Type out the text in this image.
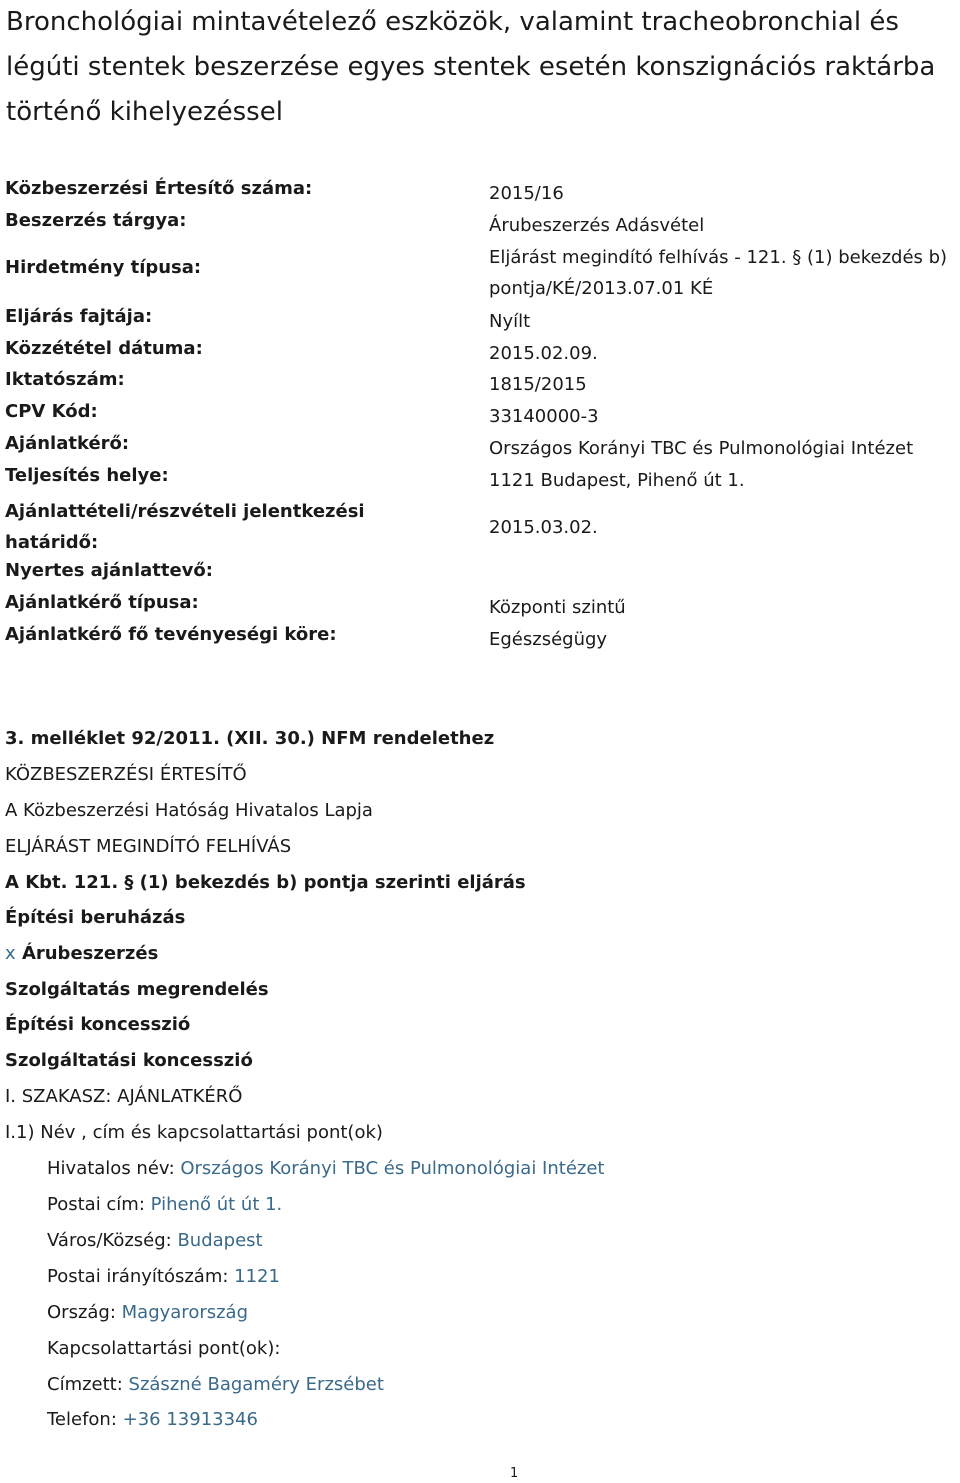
Bronchológiai mintavételező eszközök, valamint tracheobronchial és légúti stentek beszerzése egyes stentek esetén konszignációs raktárba történő kihelyezéssel
Közbeszerzési Értesítő száma:	2015/16
Beszerzés tárgya:	Árubeszerzés Adásvétel
Hirdetmény típusa:	Eljárást megindító felhívás - 121. § (1) bekezdés b) pontja/KÉ/2013.07.01 KÉ
Eljárás fajtája:	Nyílt
Közzététel dátuma:	2015.02.09.
Iktatószám:	1815/2015
CPV Kód:	33140000-3
Ajánlatkérő:	Országos Korányi TBC és Pulmonológiai Intézet
Teljesítés helye:	1121 Budapest, Pihenő út 1.
Ajánlattételi/részvételi jelentkezési határidő:
2015.03.02.
Nyertes ajánlattevő:
Ajánlatkérő típusa:	Központi szintű
Ajánlatkérő fő tevényeségi köre:	Egészségügy
3. melléklet 92/2011. (XII. 30.) NFM rendelethez
KÖZBESZERZÉSI ÉRTESÍTŐ
A Közbeszerzési Hatóság Hivatalos Lapja
ELJÁRÁST MEGINDÍTÓ FELHÍVÁS
A Kbt. 121. § (1) bekezdés b) pontja szerinti eljárás
Építési beruházás
x Árubeszerzés
Szolgáltatás megrendelés
Építési koncesszió
Szolgáltatási koncesszió
I. SZAKASZ: AJÁNLATKÉRŐ
I.1) Név , cím és kapcsolattartási pont(ok)
Hivatalos név: Országos Korányi TBC és Pulmonológiai Intézet
Postai cím: Pihenő út út 1.
Város/Község: Budapest
Postai irányítószám: 1121
Ország: Magyarország
Kapcsolattartási pont(ok):
Címzett: Szászné Bagaméry Erzsébet
Telefon: +36 13913346
1
